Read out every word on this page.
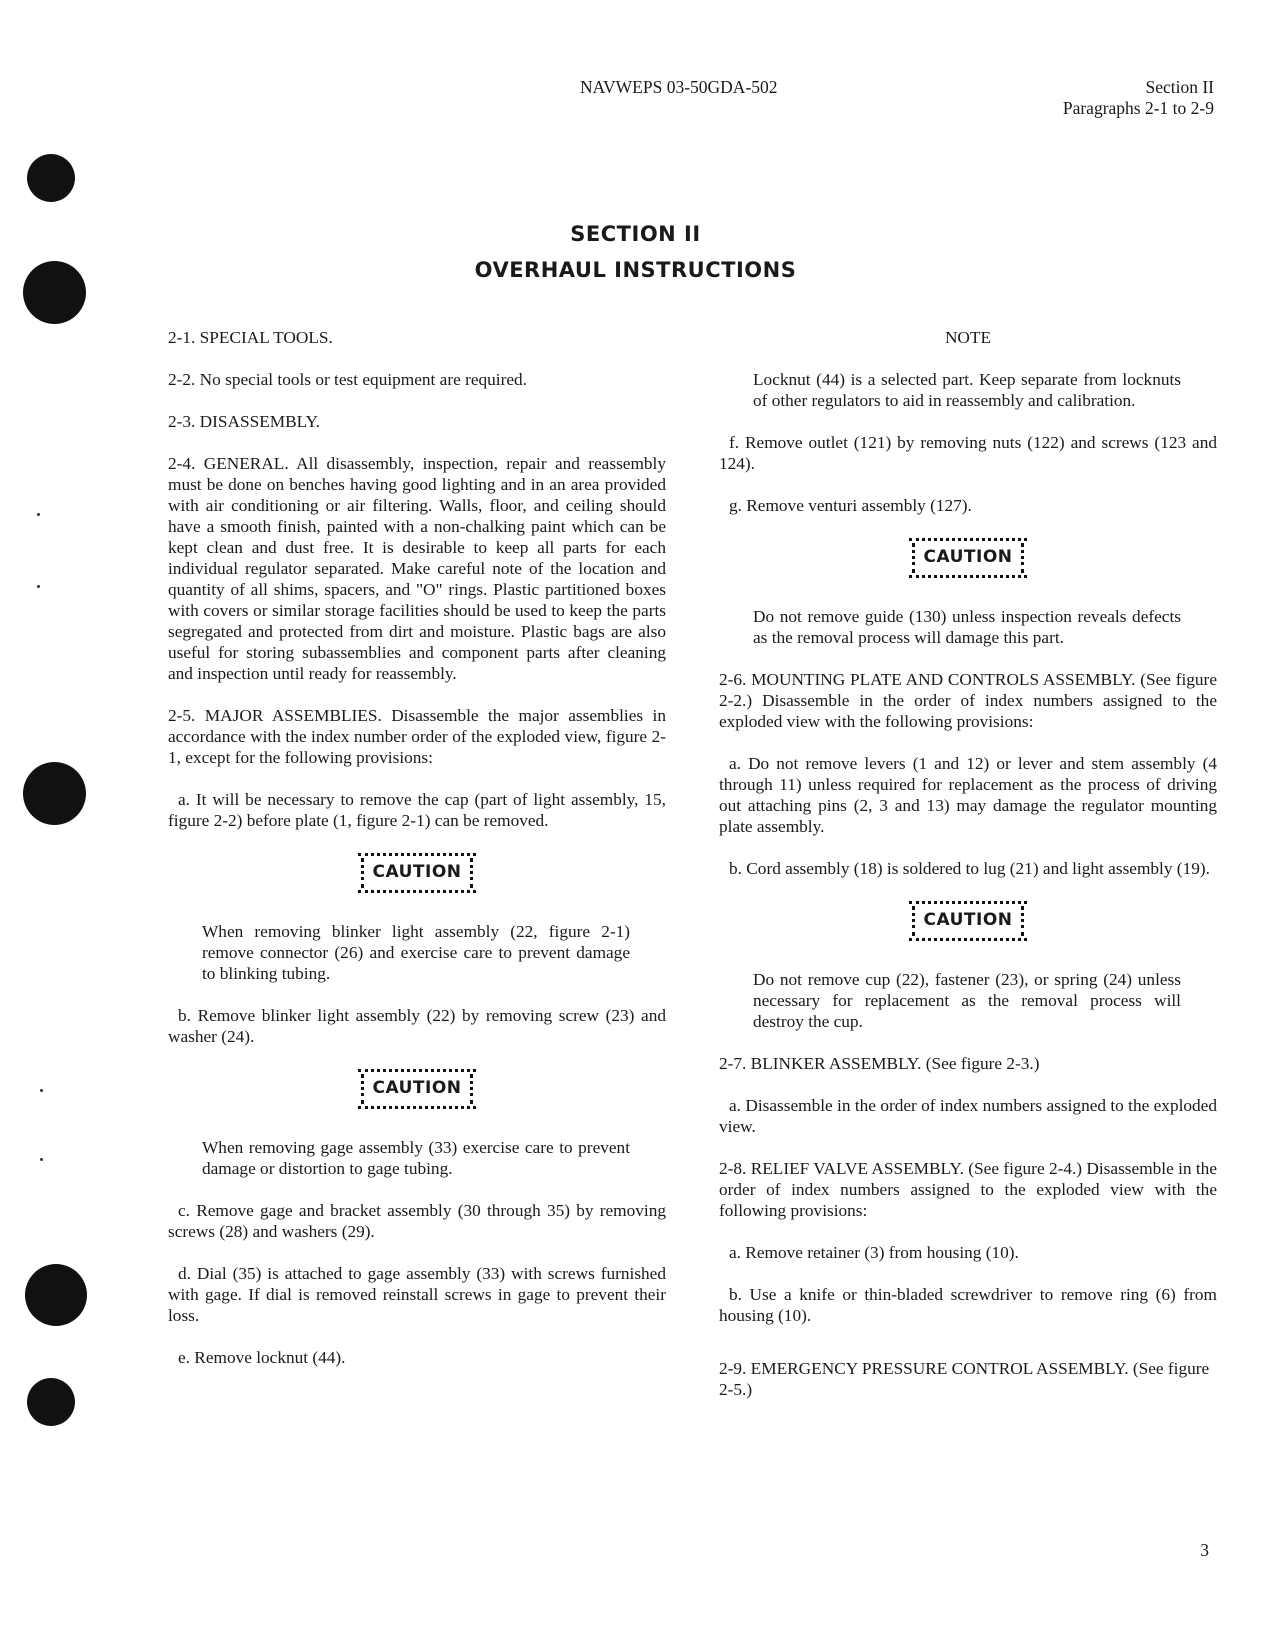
NAVWEPS 03-50GDA-502	Section II
Paragraphs 2-1 to 2-9
SECTION II
OVERHAUL INSTRUCTIONS

2-1. SPECIAL TOOLS.

2-2. No special tools or test equipment are required.

2-3. DISASSEMBLY.

2-4. GENERAL. All disassembly, inspection, repair and reassembly must be done on benches having good lighting and in an area provided with air conditioning or air filtering. Walls, floor, and ceiling should have a smooth finish, painted with a non-chalking paint which can be kept clean and dust free. It is desirable to keep all parts for each individual regulator separated. Make careful note of the location and quantity of all shims, spacers, and "O" rings. Plastic partitioned boxes with covers or similar storage facilities should be used to keep the parts segregated and protected from dirt and moisture. Plastic bags are also useful for storing subassemblies and component parts after cleaning and inspection until ready for reassembly.

2-5. MAJOR ASSEMBLIES. Disassemble the major assemblies in accordance with the index number order of the exploded view, figure 2-1, except for the following provisions:

a. It will be necessary to remove the cap (part of light assembly, 15, figure 2-2) before plate (1, figure 2-1) can be removed.

CAUTION

When removing blinker light assembly (22, figure 2-1) remove connector (26) and exercise care to prevent damage to blinking tubing.

b. Remove blinker light assembly (22) by removing screw (23) and washer (24).

CAUTION

When removing gage assembly (33) exercise care to prevent damage or distortion to gage tubing.

c. Remove gage and bracket assembly (30 through 35) by removing screws (28) and washers (29).

d. Dial (35) is attached to gage assembly (33) with screws furnished with gage. If dial is removed reinstall screws in gage to prevent their loss.

e. Remove locknut (44).

NOTE

Locknut (44) is a selected part. Keep separate from locknuts of other regulators to aid in reassembly and calibration.

f. Remove outlet (121) by removing nuts (122) and screws (123 and 124).

g. Remove venturi assembly (127).

CAUTION

Do not remove guide (130) unless inspection reveals defects as the removal process will damage this part.

2-6. MOUNTING PLATE AND CONTROLS ASSEMBLY. (See figure 2-2.) Disassemble in the order of index numbers assigned to the exploded view with the following provisions:

a. Do not remove levers (1 and 12) or lever and stem assembly (4 through 11) unless required for replacement as the process of driving out attaching pins (2, 3 and 13) may damage the regulator mounting plate assembly.

b. Cord assembly (18) is soldered to lug (21) and light assembly (19).

CAUTION

Do not remove cup (22), fastener (23), or spring (24) unless necessary for replacement as the removal process will destroy the cup.

2-7. BLINKER ASSEMBLY. (See figure 2-3.)

a. Disassemble in the order of index numbers assigned to the exploded view.

2-8. RELIEF VALVE ASSEMBLY. (See figure 2-4.) Disassemble in the order of index numbers assigned to the exploded view with the following provisions:

a. Remove retainer (3) from housing (10).

b. Use a knife or thin-bladed screwdriver to remove ring (6) from housing (10).

2-9. EMERGENCY PRESSURE CONTROL ASSEMBLY. (See figure 2-5.)

3
